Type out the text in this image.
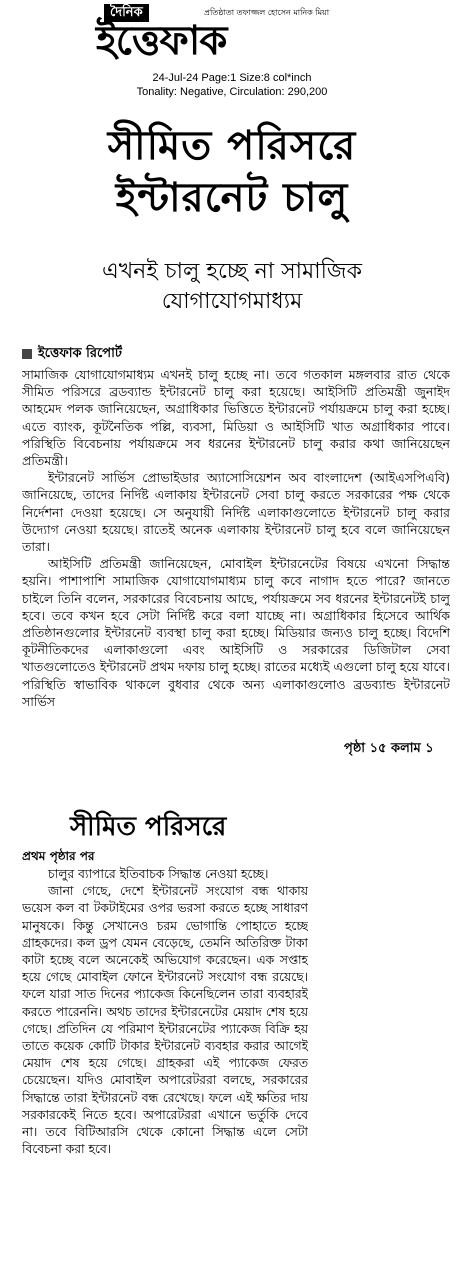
দৈনিক	প্রতিষ্ঠাতা তফাজ্জল হোসেন মানিক মিয়া
ইত্তেফাক
24-Jul-24 Page:1 Size:8 col*inch
Tonality: Negative, Circulation: 290,200
সীমিত পরিসরে
ইন্টারনেট চালু
এখনই চালু হচ্ছে না সামাজিক
যোগাযোগমাধ্যম
ইত্তেফাক রিপোর্ট

সামাজিক যোগাযোগমাধ্যম এখনই চালু হচ্ছে না। তবে গতকাল মঙ্গলবার রাত থেকে সীমিত পরিসরে ব্রডব্যান্ড ইন্টারনেট চালু করা হয়েছে। আইসিটি প্রতিমন্ত্রী জুনাইদ আহমেদ পলক জানিয়েছেন, অগ্রাধিকার ভিত্তিতে ইন্টারনেট পর্যায়ক্রমে চালু করা হচ্ছে। এতে ব্যাংক, কূটনৈতিক পল্লি, ব্যবসা, মিডিয়া ও আইসিটি খাত অগ্রাধিকার পাবে। পরিস্থিতি বিবেচনায় পর্যায়ক্রমে সব ধরনের ইন্টারনেট চালু করার কথা জানিয়েছেন প্রতিমন্ত্রী।

ইন্টারনেট সার্ভিস প্রোভাইডার অ্যাসোসিয়েশন অব বাংলাদেশ (আইএসপিএবি) জানিয়েছে, তাদের নির্দিষ্ট এলাকায় ইন্টারনেট সেবা চালু করতে সরকারের পক্ষ থেকে নির্দেশনা দেওয়া হয়েছে। সে অনুযায়ী নির্দিষ্ট এলাকাগুলোতে ইন্টারনেট চালু করার উদ্যোগ নেওয়া হয়েছে। রাতেই অনেক এলাকায় ইন্টারনেট চালু হবে বলে জানিয়েছেন তারা।

আইসিটি প্রতিমন্ত্রী জানিয়েছেন, মোবাইল ইন্টারনেটের বিষয়ে এখনো সিদ্ধান্ত হয়নি। পাশাপাশি সামাজিক যোগাযোগমাধ্যম চালু কবে নাগাদ হতে পারে? জানতে চাইলে তিনি বলেন, সরকারের বিবেচনায় আছে, পর্যায়ক্রমে সব ধরনের ইন্টারনেটই চালু হবে। তবে কখন হবে সেটা নির্দিষ্ট করে বলা যাচ্ছে না। অগ্রাধিকার হিসেবে আর্থিক প্রতিষ্ঠানগুলোর ইন্টারনেট ব্যবস্থা চালু করা হচ্ছে। মিডিয়ার জন্যও চালু হচ্ছে। বিদেশি কূটনীতিকদের এলাকাগুলো এবং আইসিটি ও সরকারের ডিজিটাল সেবা খাতগুলোতেও ইন্টারনেট প্রথম দফায় চালু হচ্ছে। রাতের মধ্যেই এগুলো চালু হয়ে যাবে। পরিস্থিতি স্বাভাবিক থাকলে বুধবার থেকে অন্য এলাকাগুলোও ব্রডব্যান্ড ইন্টারনেট সার্ভিস

পৃষ্ঠা ১৫ কলাম ১
সীমিত পরিসরে
প্রথম পৃষ্ঠার পর

চালুর ব্যাপারে ইতিবাচক সিদ্ধান্ত নেওয়া হচ্ছে।

জানা গেছে, দেশে ইন্টারনেট সংযোগ বন্ধ থাকায় ভয়েস কল বা টকটাইমের ওপর ভরসা করতে হচ্ছে সাধারণ মানুষকে। কিন্তু সেখানেও চরম ভোগান্তি পোহাতে হচ্ছে গ্রাহকদের। কল ড্রপ যেমন বেড়েছে, তেমনি অতিরিক্ত টাকা কাটা হচ্ছে বলে অনেকেই অভিযোগ করেছেন। এক সপ্তাহ হয়ে গেছে মোবাইল ফোনে ইন্টারনেট সংযোগ বন্ধ রয়েছে। ফলে যারা সাত দিনের প্যাকেজ কিনেছিলেন তারা ব্যবহারই করতে পারেননি। অথচ তাদের ইন্টারনেটের মেয়াদ শেষ হয়ে গেছে। প্রতিদিন যে পরিমাণ ইন্টারনেটের প্যাকেজ বিক্রি হয় তাতে কয়েক কোটি টাকার ইন্টারনেট ব্যবহার করার আগেই মেয়াদ শেষ হয়ে গেছে। গ্রাহকরা এই প্যাকেজ ফেরত চেয়েছেন। যদিও মোবাইল অপারেটররা বলছে, সরকারের সিদ্ধান্তে তারা ইন্টারনেট বন্ধ রেখেছে। ফলে এই ক্ষতির দায় সরকারকেই নিতে হবে। অপারেটররা এখানে ভর্তুকি দেবে না। তবে বিটিআরসি থেকে কোনো সিদ্ধান্ত এলে সেটা বিবেচনা করা হবে।
